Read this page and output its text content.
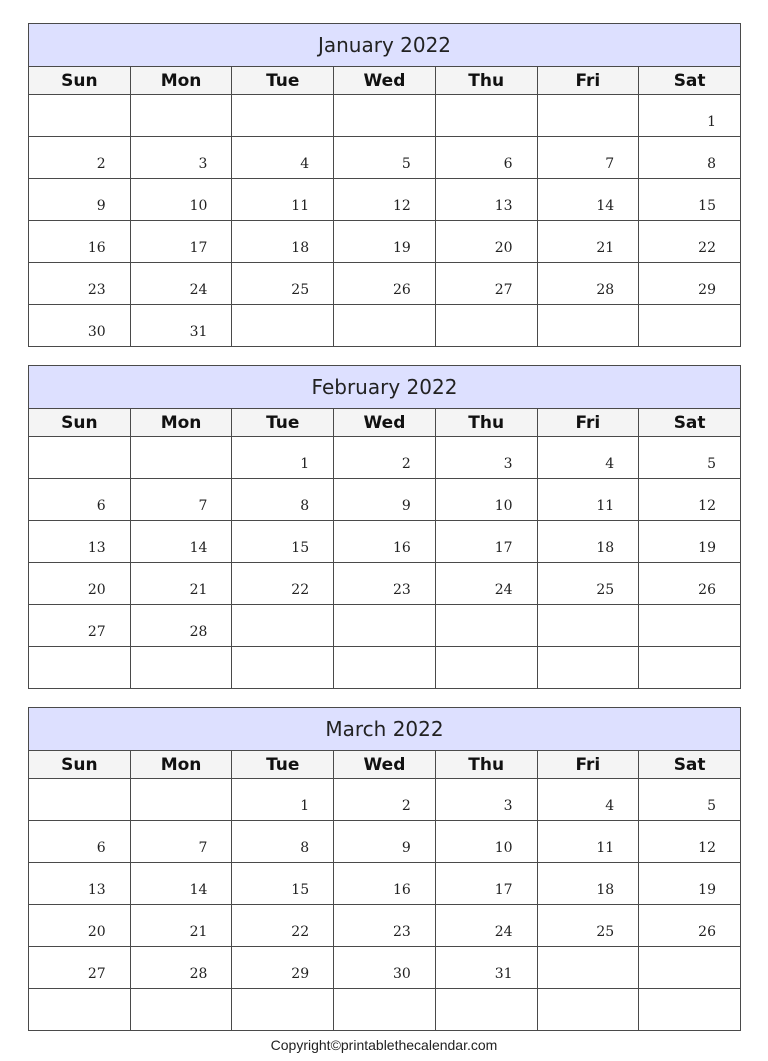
January 2022						
Sun	Mon	Tue	Wed	Thu	Fri	Sat
						1
2	3	4	5	6	7	8
9	10	11	12	13	14	15
16	17	18	19	20	21	22
23	24	25	26	27	28	29
30	31					
February 2022						
Sun	Mon	Tue	Wed	Thu	Fri	Sat
		1	2	3	4	5
6	7	8	9	10	11	12
13	14	15	16	17	18	19
20	21	22	23	24	25	26
27	28					

March 2022						
Sun	Mon	Tue	Wed	Thu	Fri	Sat
		1	2	3	4	5
6	7	8	9	10	11	12
13	14	15	16	17	18	19
20	21	22	23	24	25	26
27	28	29	30	31		

Copyright©printablethecalendar.com
